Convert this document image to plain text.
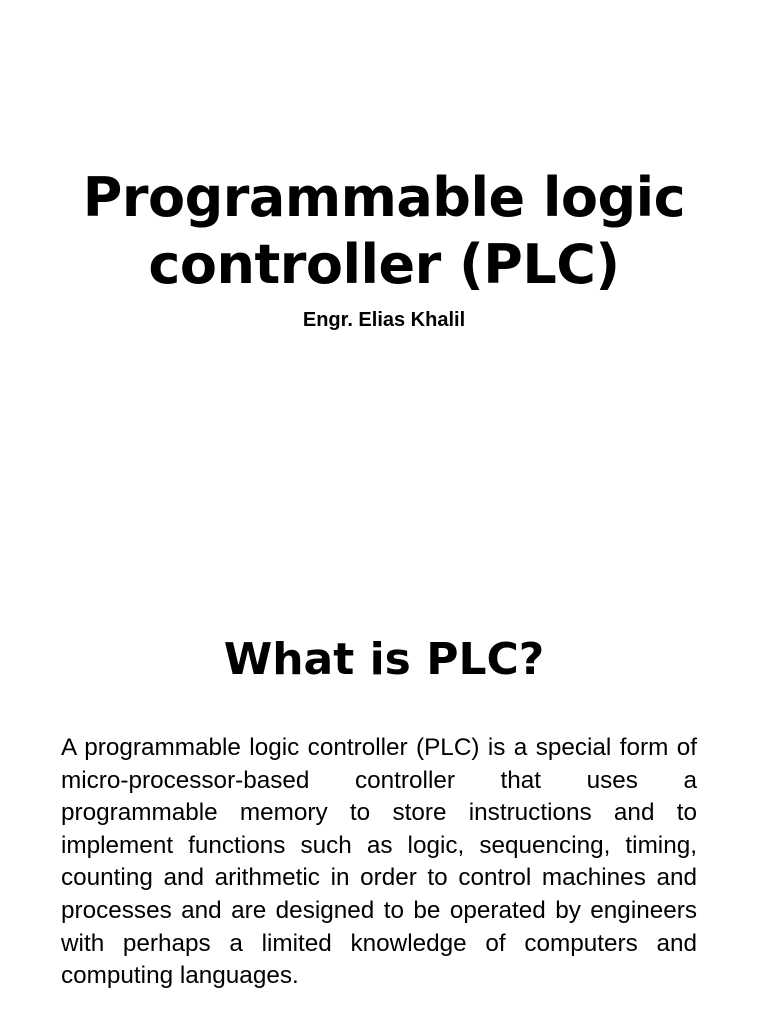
Programmable logic controller (PLC)

Engr. Elias Khalil

What is PLC?

A programmable logic controller (PLC) is a special form of micro-processor-based controller that uses a programmable memory to store instructions and to implement functions such as logic, sequencing, timing, counting and arithmetic in order to control machines and processes and are designed to be operated by engineers with perhaps a limited knowledge of computers and computing languages.
